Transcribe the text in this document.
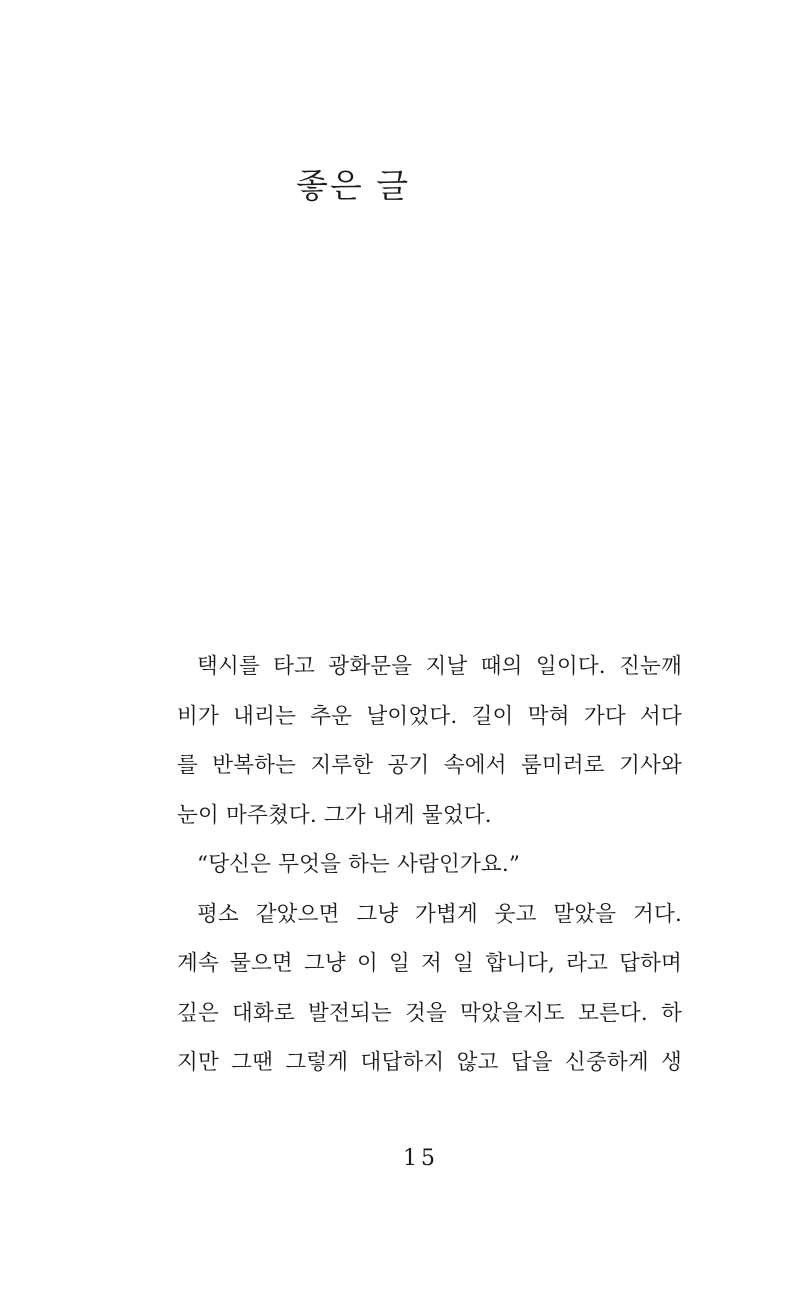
좋은 글
택시를 타고 광화문을 지날 때의 일이다. 진눈깨
비가 내리는 추운 날이었다. 길이 막혀 가다 서다
를 반복하는 지루한 공기 속에서 룸미러로 기사와
눈이 마주쳤다. 그가 내게 물었다.
“당신은 무엇을 하는 사람인가요.”
평소 같았으면 그냥 가볍게 웃고 말았을 거다.
계속 물으면 그냥 이 일 저 일 합니다, 라고 답하며
깊은 대화로 발전되는 것을 막았을지도 모른다. 하
지만 그땐 그렇게 대답하지 않고 답을 신중하게 생
15
